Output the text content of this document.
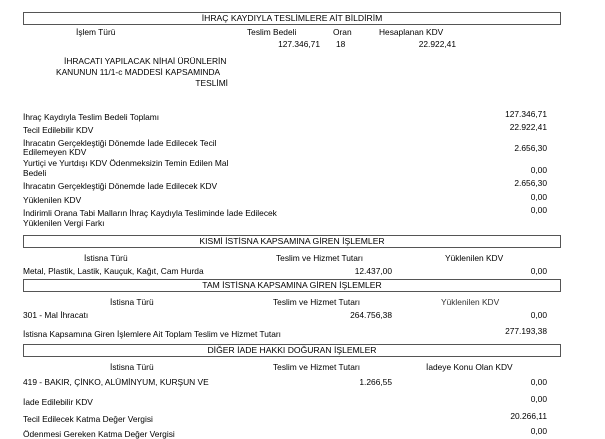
İHRAÇ KAYDIYLA TESLİMLERE AİT BİLDİRİM
İşlem Türü	Teslim Bedeli	Oran	Hesaplanan KDV
127.346,71 18	22.922,41
İHRACATI YAPILACAK NİHAİ ÜRÜNLERİN
KANUNUN 11/1-c MADDESİ KAPSAMINDA
TESLİMİ
İhraç Kaydıyla Teslim Bedeli Toplamı	127.346,71
Tecil Edilebilir KDV	22.922,41
İhracatın Gerçekleştiği Dönemde İade Edilecek Tecil
Edilemeyen KDV	2.656,30
Yurtiçi ve Yurtdışı KDV Ödenmeksizin Temin Edilen Mal
Bedeli	0,00
İhracatın Gerçekleştiği Dönemde İade Edilecek KDV	2.656,30
Yüklenilen KDV	0,00
İndirimli Orana Tabi Malların İhraç Kaydıyla Tesliminde İade Edilecek
Yüklenilen Vergi Farkı
0,00
KISMİ İSTİSNA KAPSAMINA GİREN İŞLEMLER
İstisna Türü	Teslim ve Hizmet Tutarı	Yüklenilen KDV
Metal, Plastik, Lastik, Kauçuk, Kağıt, Cam Hurda	12.437,00	0,00
TAM İSTİSNA KAPSAMINA GİREN İŞLEMLER
İstisna Türü	Teslim ve Hizmet Tutarı	Yüklenilen KDV
301 - Mal İhracatı	264.756,38	0,00
İstisna Kapsamına Giren İşlemlere Ait Toplam Teslim ve Hizmet Tutarı	277.193,38
DİĞER İADE HAKKI DOĞURAN İŞLEMLER
İstisna Türü	Teslim ve Hizmet Tutarı	İadeye Konu Olan KDV
419 - BAKIR, ÇİNKO, ALÜMİNYUM, KURŞUN VE	1.266,55	0,00
İade Edilebilir KDV	0,00
Tecil Edilecek Katma Değer Vergisi	20.266,11
Ödenmesi Gereken Katma Değer Vergisi	0,00
